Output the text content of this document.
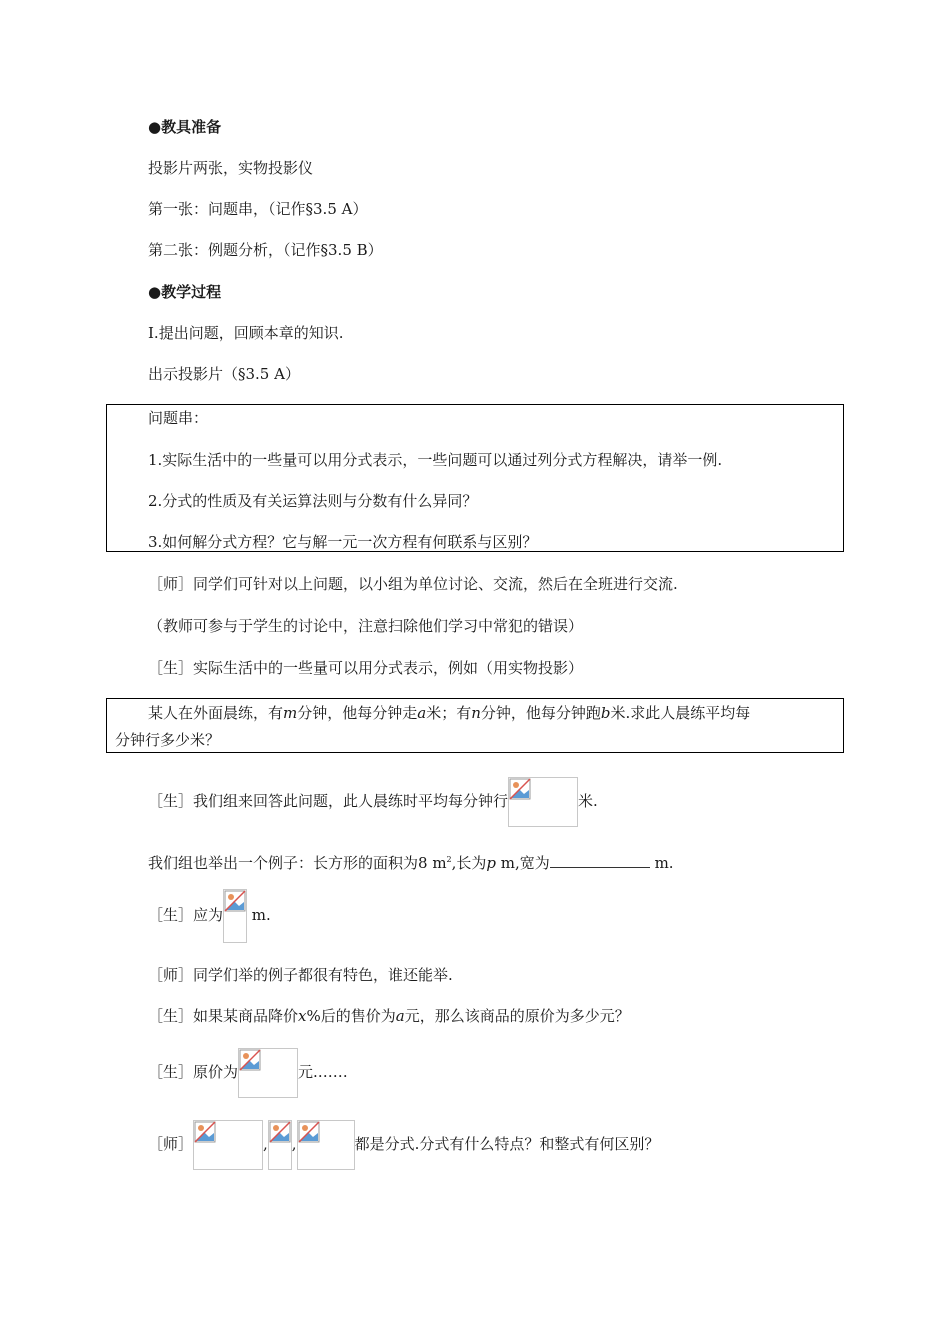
●教具准备
投影片两张，实物投影仪
第一张：问题串，（记作§3.5 A）
第二张：例题分析，（记作§3.5 B）
●教学过程
Ⅰ.提出问题，回顾本章的知识.
出示投影片（§3.5 A）
问题串：
1.实际生活中的一些量可以用分式表示，一些问题可以通过列分式方程解决，请举一例.
2.分式的性质及有关运算法则与分数有什么异同？
3.如何解分式方程？它与解一元一次方程有何联系与区别？
［师］同学们可针对以上问题，以小组为单位讨论、交流，然后在全班进行交流.
（教师可参与于学生的讨论中，注意扫除他们学习中常犯的错误）
［生］实际生活中的一些量可以用分式表示，例如（用实物投影）
某人在外面晨练，有m分钟，他每分钟走a米；有n分钟，他每分钟跑b米.求此人晨练平均每
分钟行多少米？
［生］我们组来回答此问题，此人晨练时平均每分钟行	米.
我们组也举出一个例子：长方形的面积为8 $m^2$,长为p m,宽为	m.
［生］应为
m.
［师］同学们举的例子都很有特色，谁还能举.
［生］如果某商品降价x%后的售价为a元，那么该商品的原价为多少元？
［生］原价为	元.……
［师］	, ,	都是分式.分式有什么特点？和整式有何区别？
